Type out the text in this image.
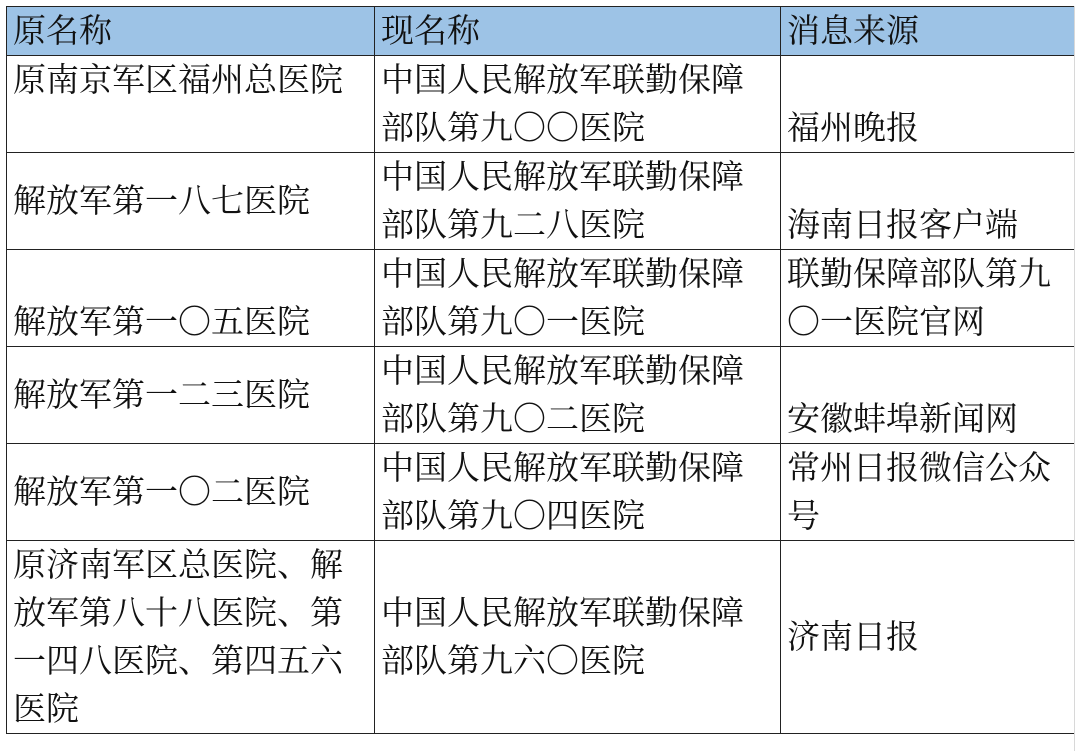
原名称	现名称	消息来源
原南京军区福州总医院	中国人民解放军联勤保障部队第九〇〇医院	福州晚报
解放军第一八七医院	中国人民解放军联勤保障部队第九二八医院	海南日报客户端
解放军第一〇五医院	中国人民解放军联勤保障部队第九〇一医院	联勤保障部队第九〇一医院官网
解放军第一二三医院	中国人民解放军联勤保障部队第九〇二医院	安徽蚌埠新闻网
解放军第一〇二医院	中国人民解放军联勤保障部队第九〇四医院	常州日报微信公众号
原济南军区总医院、解放军第八十八医院、第一四八医院、第四五六医院	中国人民解放军联勤保障部队第九六〇医院	济南日报
